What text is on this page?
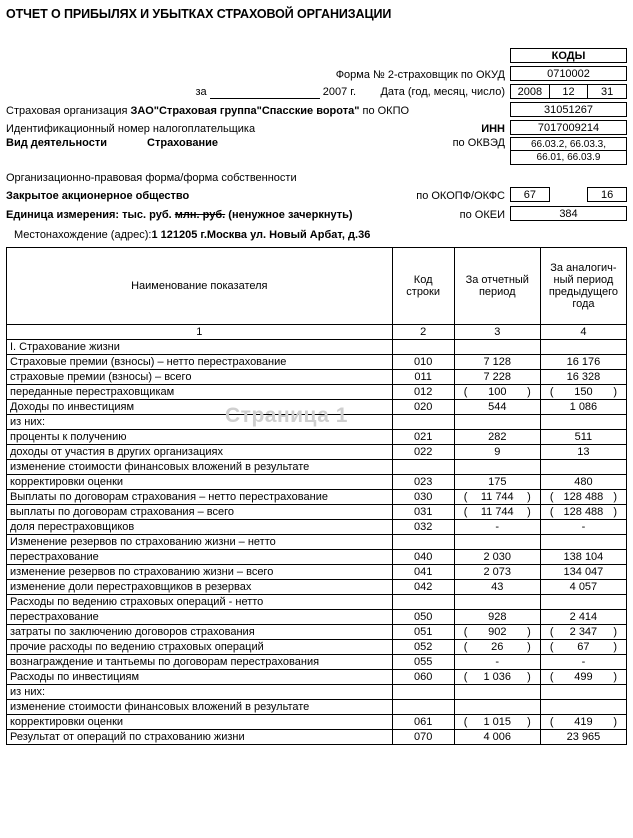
ОТЧЕТ О ПРИБЫЛЯХ И УБЫТКАХ СТРАХОВОЙ ОРГАНИЗАЦИИ
Страница 1
КОДЫ
Форма № 2-страховщик по ОКУД	0710002
за	2007 г. Дата (год, месяц, число)	2008	12	31
Страховая организация ЗАО"Страховая группа"Спасские ворота" по ОКПО	31051267
Идентификационный номер налогоплательщика	ИНН	7017009214
Вид деятельности	Страхование	по ОКВЭД	66.03.2, 66.03.3,
66.01, 66.03.9
Организационно-правовая форма/форма собственности
Закрытое акционерное общество	по ОКОПФ/ОКФС	67	16
Единица измерения: тыс. руб. млн. руб. (ненужное зачеркнуть)	по ОКЕИ	384
Местонахождение (адрес):1 121205 г.Москва ул. Новый Арбат, д.36
Наименование показателя	Код
строки

За отчетный
период

За аналогич-
ный период
предыдущего
года

1	2	3	4
I. Страхование жизни			
Страховые премии (взносы) – нетто перестрахование	010	7 128	16 176
страховые премии (взносы) – всего	011	7 228	16 328
переданные перестраховщикам	012	( 100 )	( 150 )

Доходы по инвестициям	020	544	1 086
из них:			
проценты к получению	021	282	511
доходы от участия в других организациях	022	9	13
изменение стоимости финансовых вложений в результате			
корректировки оценки	023	175	480
Выплаты по договорам страхования – нетто перестрахование	030	( 11 744 )	( 128 488 )

выплаты по договорам страхования – всего	031	( 11 744 )	( 128 488 )

доля перестраховщиков	032	-	-
Изменение резервов по страхованию жизни – нетто			
перестрахование	040	2 030	138 104
изменение резервов по страхованию жизни – всего	041	2 073	134 047
изменение доли перестраховщиков в резервах	042	43	4 057
Расходы по ведению страховых операций - нетто			
перестрахование	050	928	2 414
затраты по заключению договоров страхования	051	( 902 )	( 2 347 )

прочие расходы по ведению страховых операций	052	( 26 )	( 67 )

вознаграждение и тантьемы по договорам перестрахования	055	-	-
Расходы по инвестициям	060	( 1 036 )	( 499 )

из них:			
изменение стоимости финансовых вложений в результате			
корректировки оценки	061	( 1 015 )	( 419 )

Результат от операций по страхованию жизни	070	4 006	23 965
